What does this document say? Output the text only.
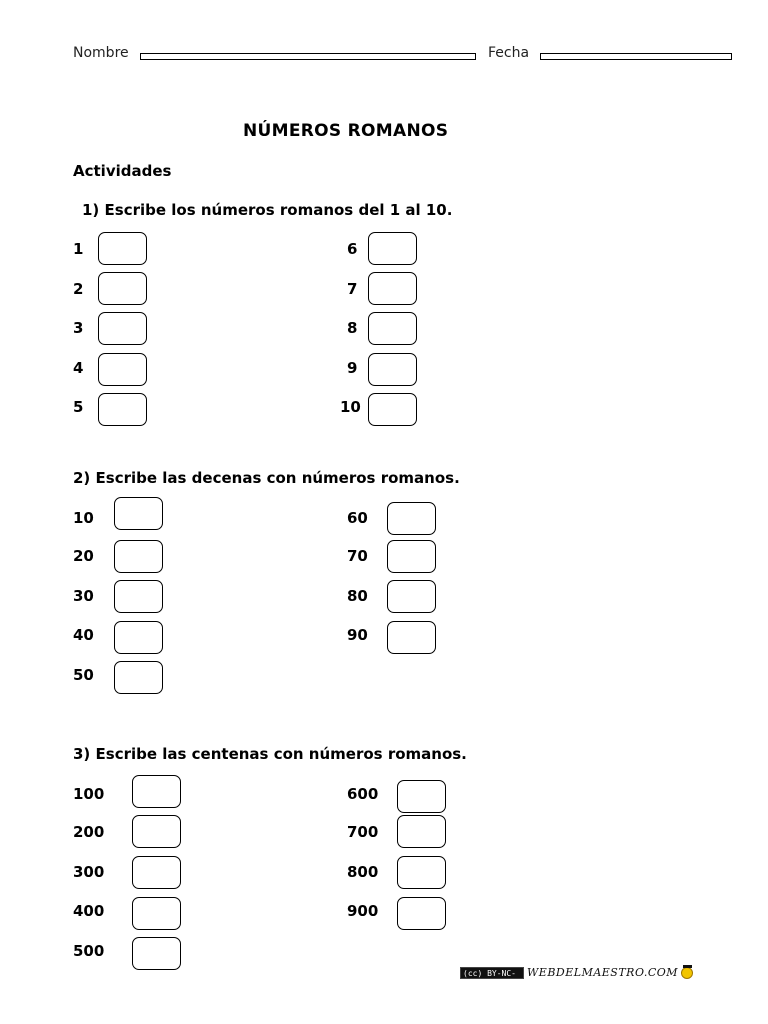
Nombre	Fecha
NÚMEROS ROMANOS
Actividades
1) Escribe los números romanos del 1 al 10.
1
2
3
4
5
6
7
8
9
10
2) Escribe las decenas con números romanos.
10
20
30
40
50
60
70
80
90
3) Escribe las centenas con números romanos.
100
200
300
400
500
600
700
800
900
(cc) BY-NC-SA
WEBDELMAESTRO.COM
